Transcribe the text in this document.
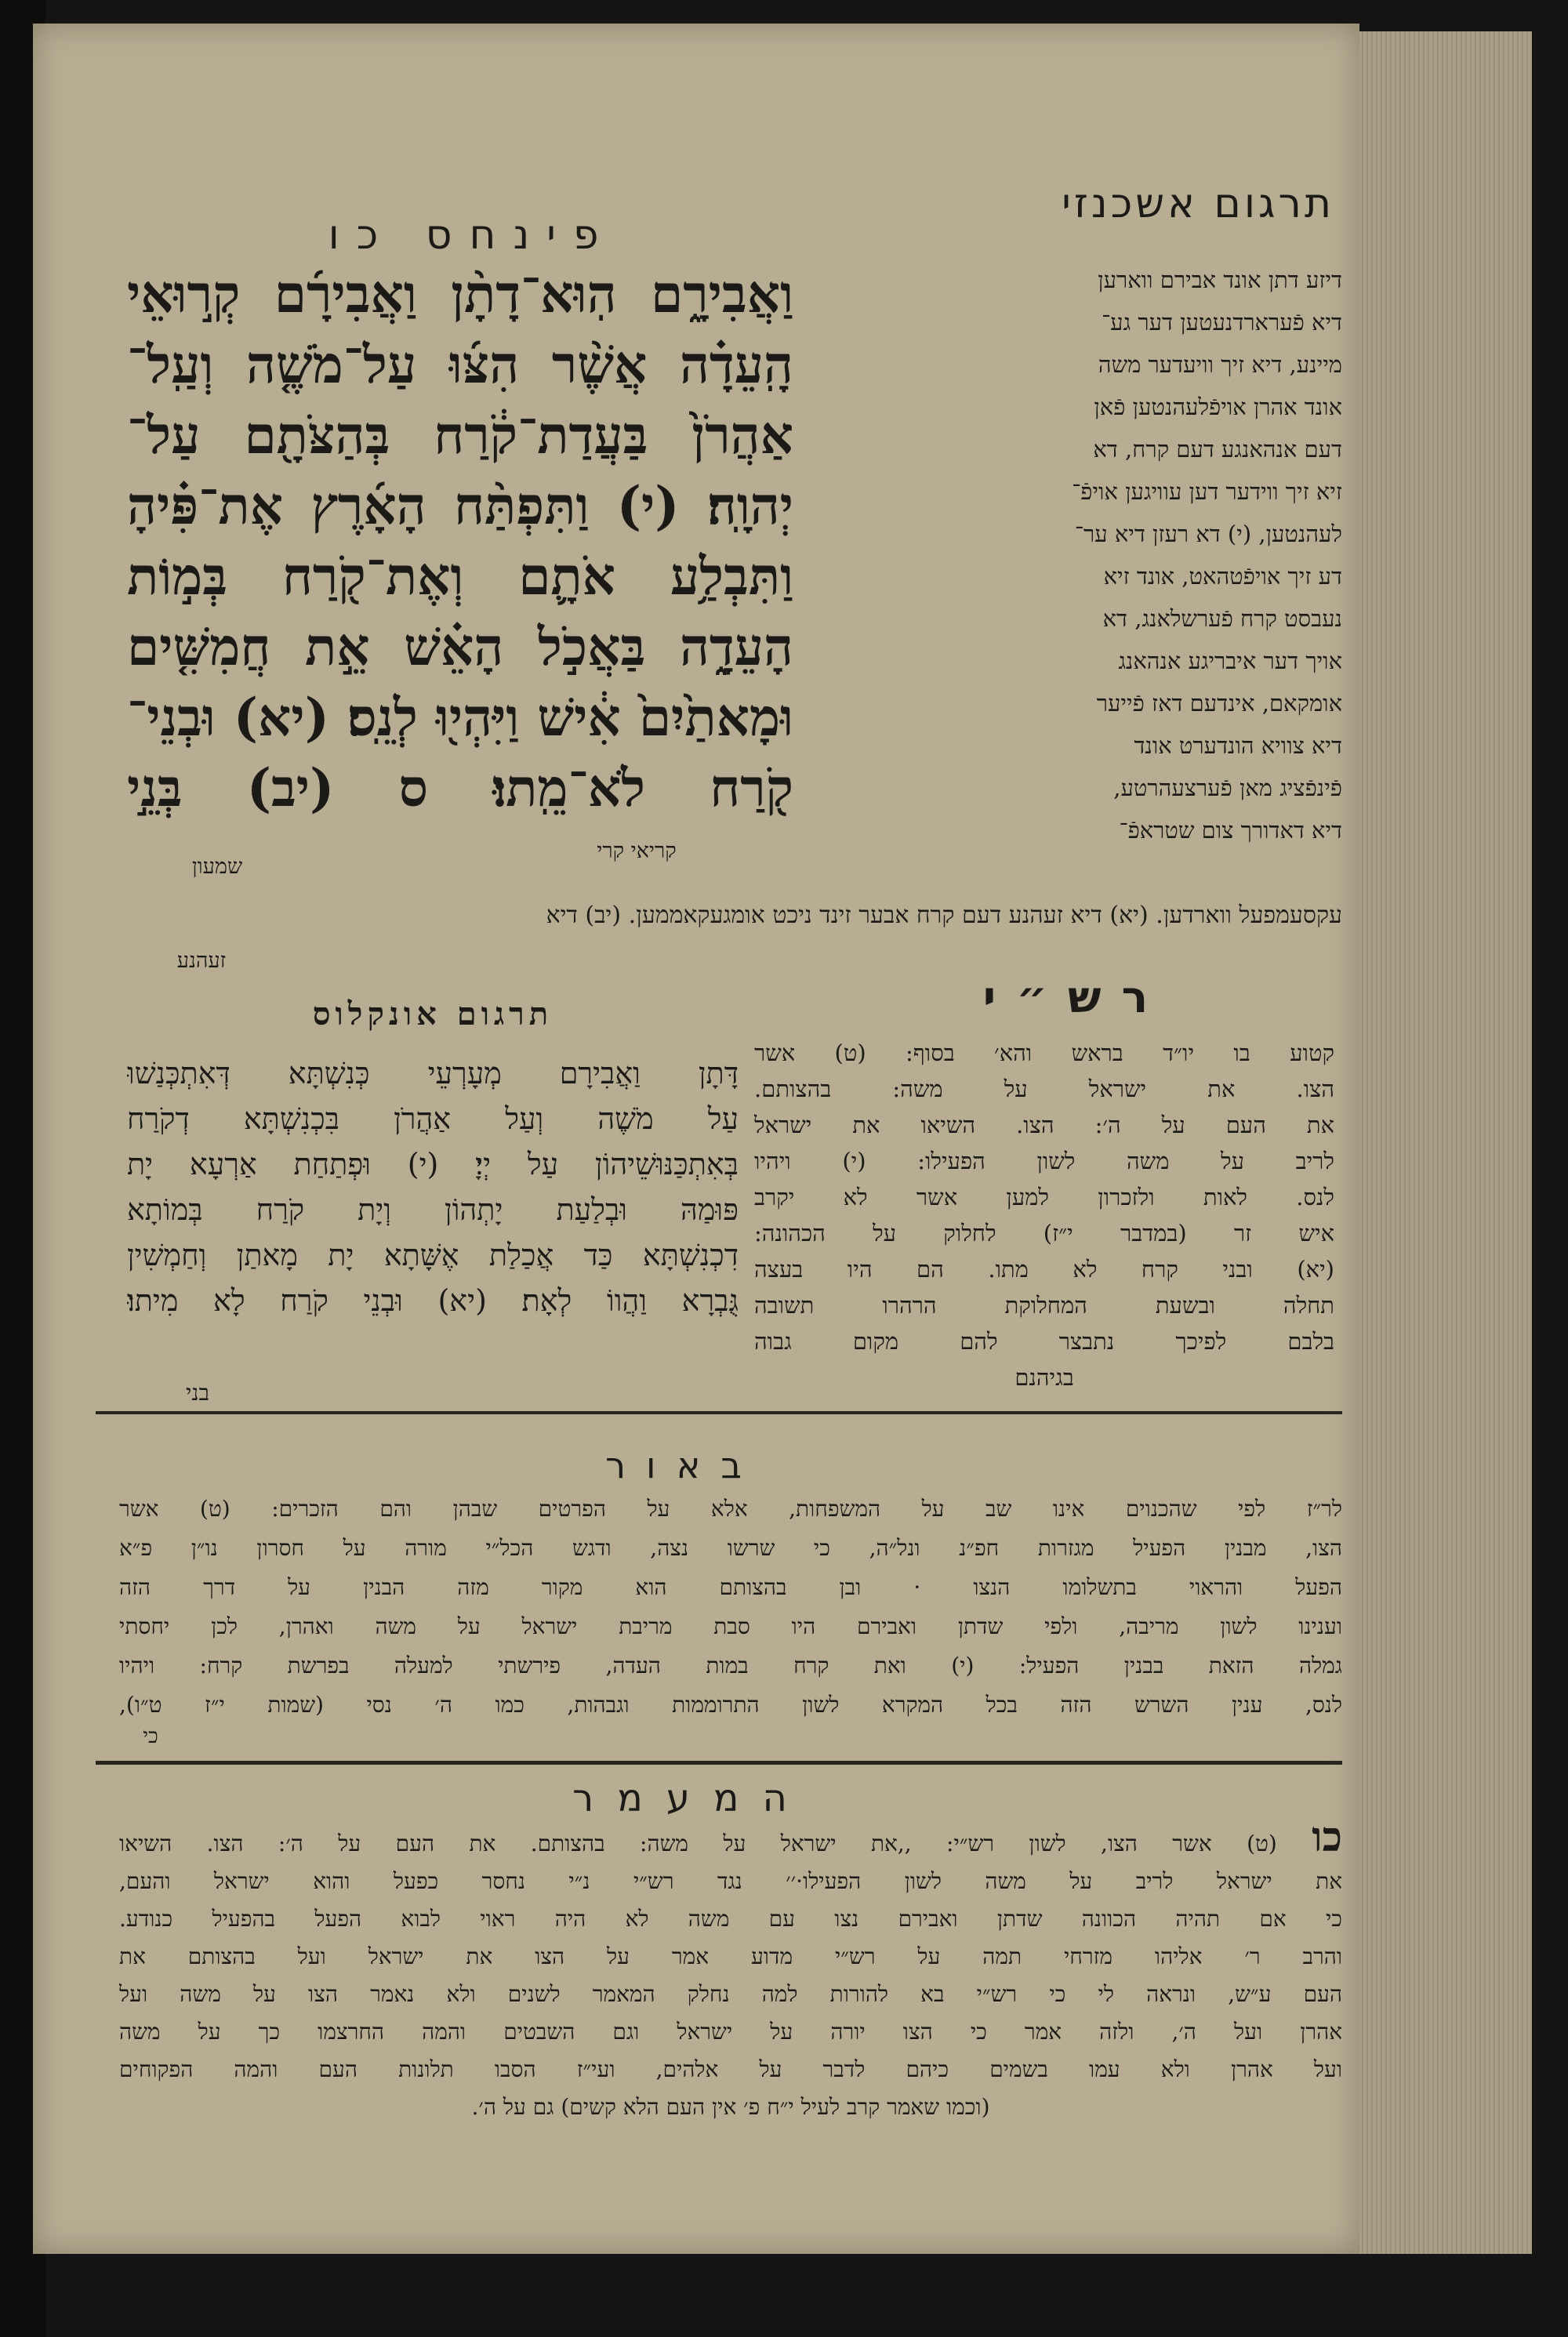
תרגום אשכנזי
פינחס כו
דיזע דתן אונד אבירם ווארען
דיא פֿערארדנעטען דער גע־
מיינע, דיא זיך וויעדער משה
אונד אהרן אויפֿלעהנטען פֿאן
דעם אנהאנגע דעם קרח, דא
זיא זיך ווידער דען עוויגען אויפֿ־
לעהנטען, (י) דא רעזן דיא ער־
דע זיך אויפֿטהאט, אונד זיא
נעבסט קרח פֿערשלאנג, דא
אויך דער איבריגע אנהאנג
אומקאם, אינדעם דאז פֿייער
דיא צוויא הונדערט אונד
פֿינפֿציג מאן פֿערצעהרטע,
דיא דאדורך צום שטראפֿ־
וַאֲבִירָ֑ם הֽוּא־דָתָ֨ן וַאֲבִירָ֜ם קְר֣וּאֵי
הָֽעֵדָ֗ה אֲשֶׁ֨ר הִצּ֜וּ עַל־מֹשֶׁ֤ה וְעַֽל־
אַהֲרֹן֙ בַּעֲדַת־קֹ֔רַח בְּהַצֹּתָ֖ם עַל־
יְהוָֽה׃ (י) וַתִּפְתַּ֨ח הָאָ֜רֶץ אֶת־פִּ֗יהָ
וַתִּבְלַ֥ע אֹתָ֛ם וְאֶת־קֹ֖רַח בְּמ֣וֹת
הָעֵדָ֑ה בַּאֲכֹ֣ל הָאֵ֗שׁ אֵ֣ת חֲמִשִּׁ֤ים
וּמָאתַ֙יִם֙ אִ֔ישׁ וַיִּהְי֖וּ לְנֵֽס׃ (יא) וּבְנֵי־
קֹ֖רַח לֹא־מֵֽתוּ׃ ס (יב) בְּנֵ֣י
קריאי קרי
שמעון
עקסעמפעל ווארדען. (יא) דיא זעהנע דעם קרח אבער זינד ניכט אומגעקאממען. (יב) דיא
זעהנע
רש״י
קטוע בו יו״ד בראש והא׳ בסוף: (ט) אשר
הצו. את ישראל על משה: בהצותם.
את העם על ה׳: הצו. השיאו את ישראל
לריב על משה לשון הפעילו: (י) ויהיו
לנס. לאות ולזכרון למען אשר לא יקרב
איש זר (במדבר י״ז) לחלוק על הכהונה:
(יא) ובני קרח לא מתו. הם היו בעצה
תחלה ובשעת המחלוקת הרהרו תשובה
בלבם לפיכך נתבצר להם מקום גבוה
בגיהנם
תרגום אונקלוס
דָּתָן וַאֲבִירָם מְעָרְעֵי כְּנִשְׁתָּא דְּאִתְכְּנַשׁוּ
עַל מֹשֶׁה וְעַל אַהֲרֹן בִּכְנִשְׁתָּא דְקֹרַח
בְּאִתְכַּנּוּשֵׁיהוֹן עַל יְיָ׃ (י) וּפְתַחַת אַרְעָא יָת
פּוּמַהּ וּבְלַעַת יָתְהוֹן וְיָת קֹרַח בְּמוֹתָא
דִכְנִשְׁתָּא כַּד אֲכַלַת אֶשָּׁתָא יָת מָאתַן וְחַמְשִׁין
גֻּבְרָא וַהֲווֹ לְאָת׃ (יא) וּבְנֵי קֹרַח לָא מִיתוּ׃
בני
באור
לר״ז לפי שהכנוים אינו שב על המשפחות, אלא על הפרטים שבהן והם הזכרים: (ט) אשר
הצו, מבנין הפעיל מגזרות חפ״נ ונל״ה, כי שרשו נצה, ודגש הכל״י מורה על חסרון נו״ן פ״א
הפעל והראוי בתשלומו הנצו · ובן בהצותם הוא מקור מזה הבנין על דרך הזה
וענינו לשון מריבה, ולפי שדתן ואבירם היו סבת מריבת ישראל על משה ואהרן, לכן יחסתי
גמלה הזאת בבנין הפעיל: (י) ואת קרח במות העדה, פירשתי למעלה בפרשת קרח: ויהיו
לנס, ענין השרש הזה בכל המקרא לשון התרוממות וגבהות, כמו ה׳ נסי (שמות י״ז ט״ו),
כי
המעמר
כו (ט) אשר הצו, לשון רש״י: ,,את ישראל על משה: בהצותם. את העם על ה׳: הצו. השיאו
את ישראל לריב על משה לשון הפעילו·׳׳ נגד רש״י נ״י נחסר כפעל והוא ישראל והעם,
כי אם תהיה הכוונה שדתן ואבירם נצו עם משה לא היה ראוי לבוא הפעל בהפעיל כנודע.
והרב ר׳ אליהו מזרחי תמה על רש״י מדוע אמר על הצו את ישראל ועל בהצותם את
העם ע״ש, ונראה לי כי רש״י בא להורות למה נחלק המאמר לשנים ולא נאמר הצו על משה ועל
אהרן ועל ה׳, ולזה אמר כי הצו יורה על ישראל וגם השבטים והמה החרצמו כך על משה
ועל אהרן ולא עמו בשמים כיהם לדבר על אלהים, ועי״ז הסבו תלונות העם והמה הפקוחים
(וכמו שאמר קרב לעיל י״ח פ׳ אין העם הלא קשים) גם על ה׳.
